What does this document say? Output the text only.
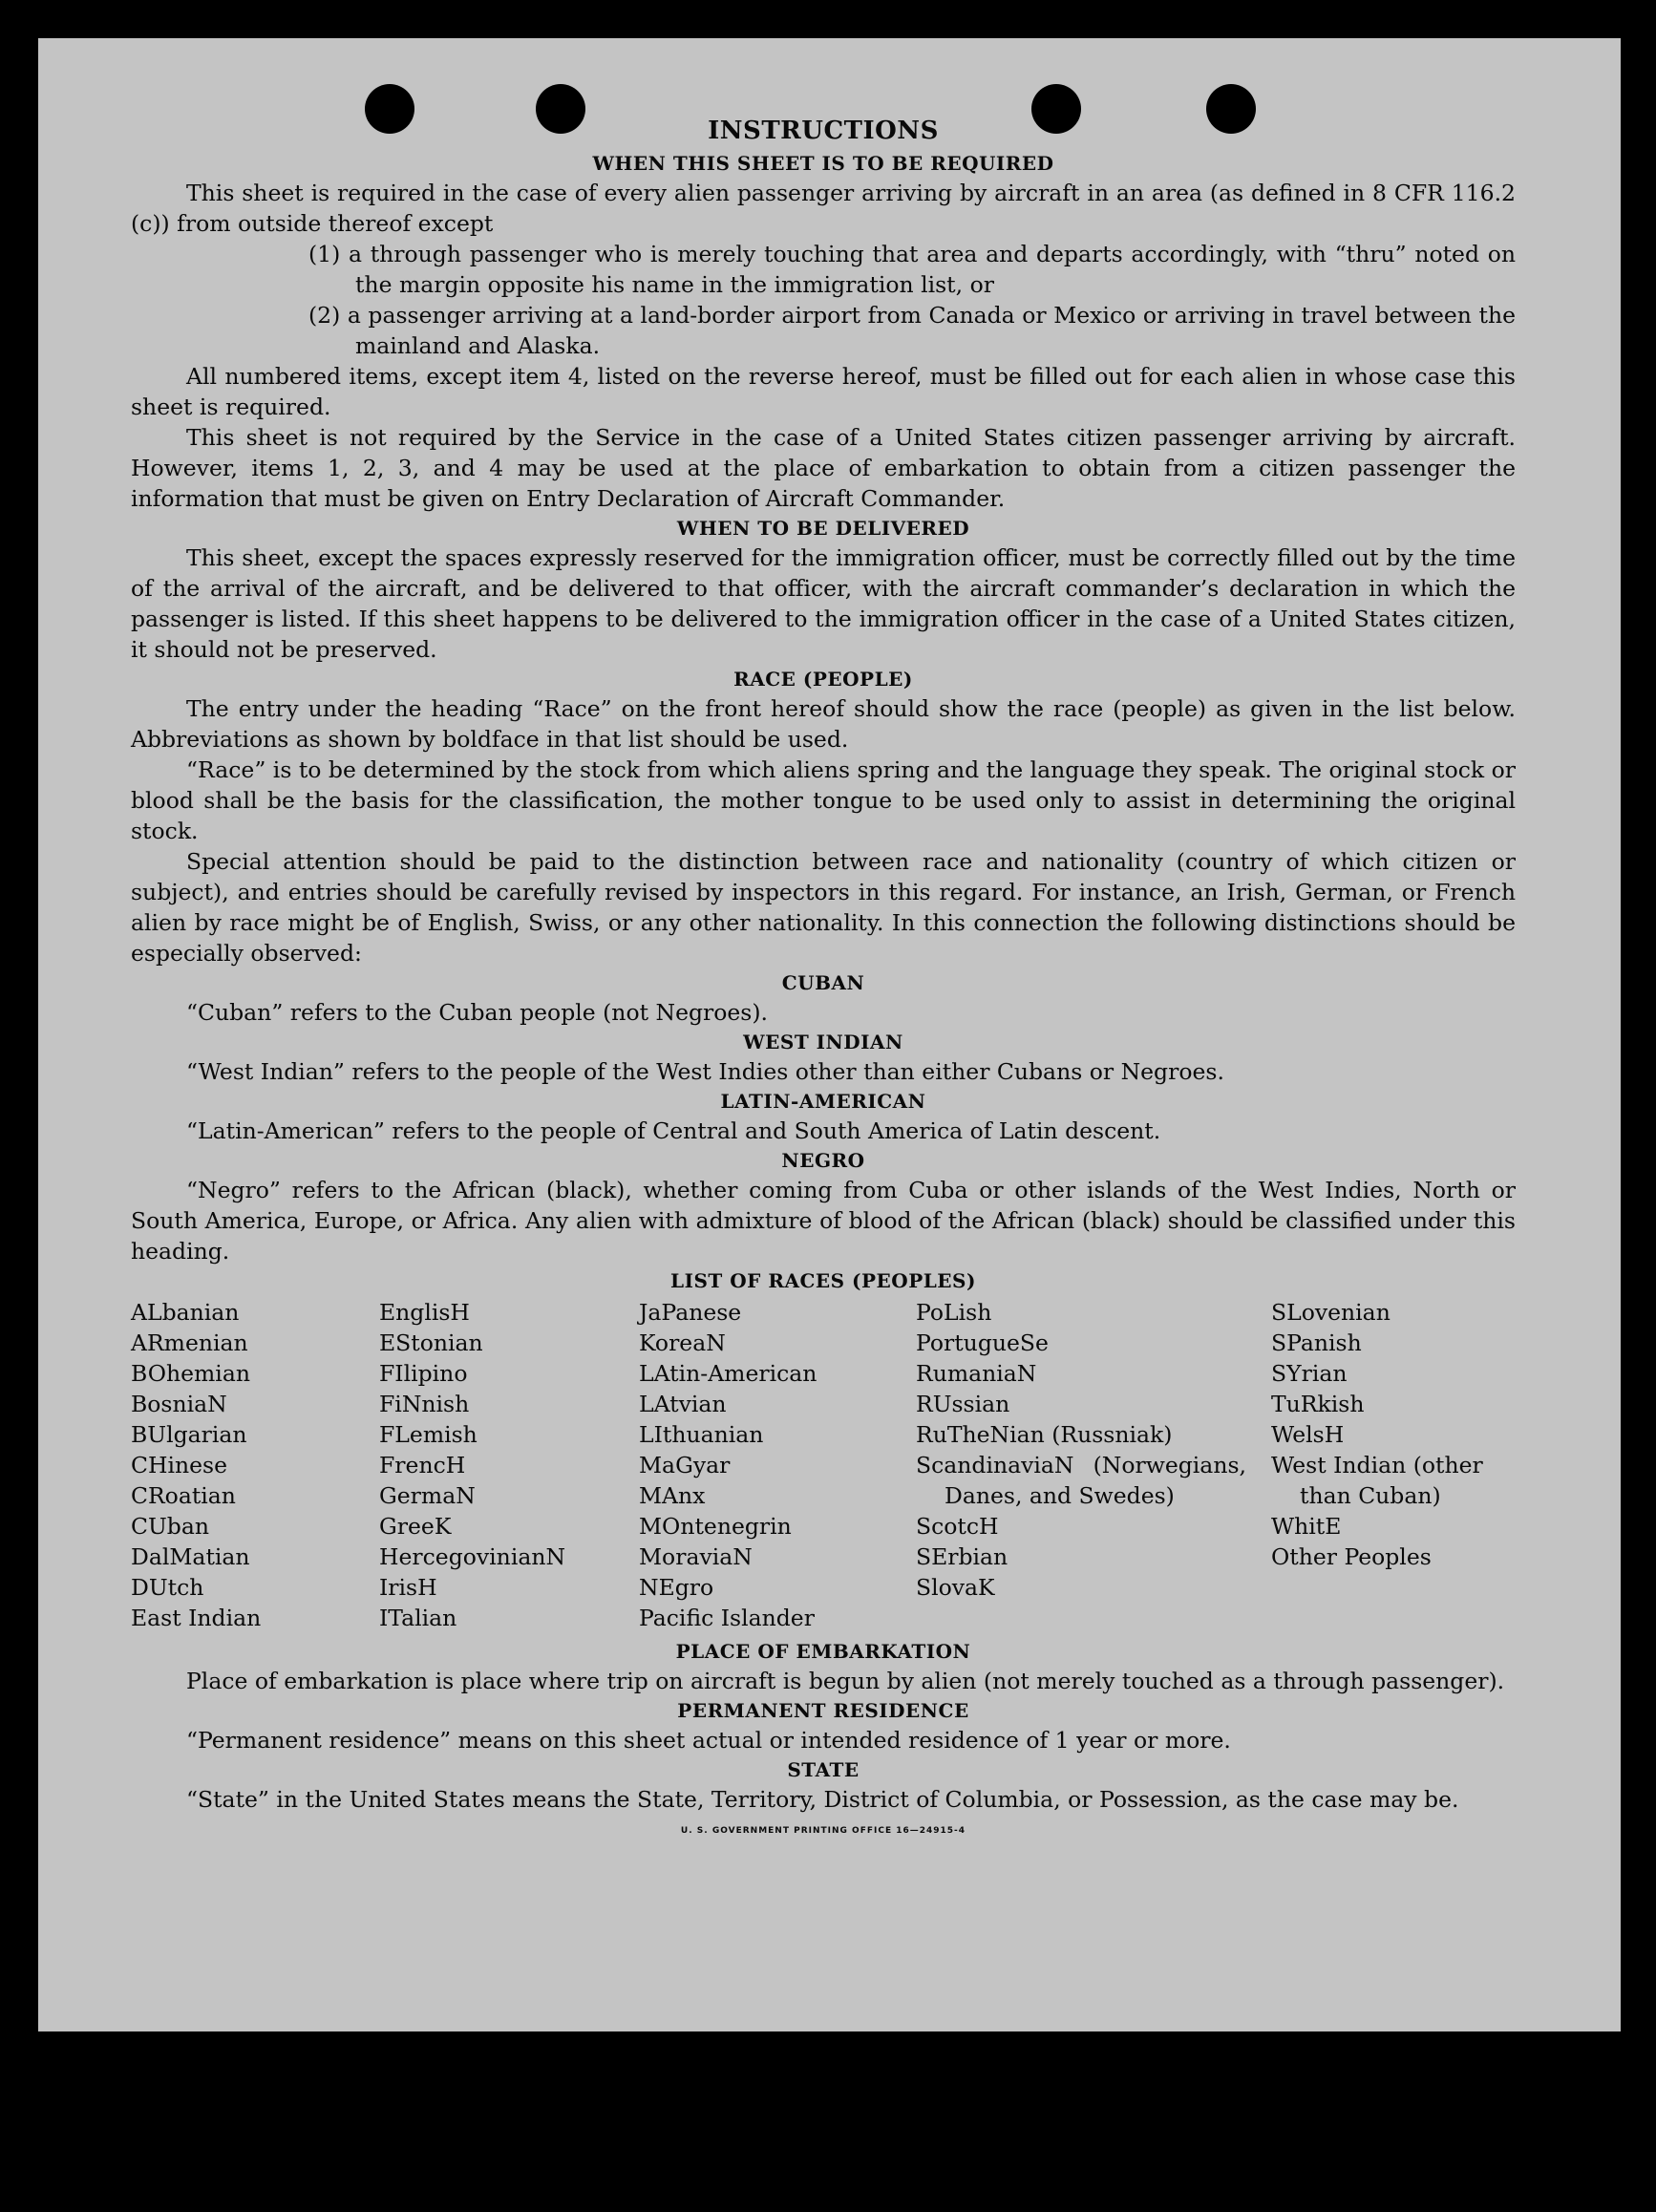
INSTRUCTIONS
WHEN THIS SHEET IS TO BE REQUIRED

This sheet is required in the case of every alien passenger arriving by aircraft in an area (as defined in 8 CFR 116.2 (c)) from outside thereof except

(1) a through passenger who is merely touching that area and departs accordingly, with “thru” noted on the margin opposite his name in the immigration list, or

(2) a passenger arriving at a land-border airport from Canada or Mexico or arriving in travel between the mainland and Alaska.

All numbered items, except item 4, listed on the reverse hereof, must be filled out for each alien in whose case this sheet is required.

This sheet is not required by the Service in the case of a United States citizen passenger arriving by aircraft. However, items 1, 2, 3, and 4 may be used at the place of embarkation to obtain from a citizen passenger the information that must be given on Entry Declaration of Aircraft Commander.

WHEN TO BE DELIVERED

This sheet, except the spaces expressly reserved for the immigration officer, must be correctly filled out by the time of the arrival of the aircraft, and be delivered to that officer, with the aircraft commander’s declaration in which the passenger is listed. If this sheet happens to be delivered to the immigration officer in the case of a United States citizen, it should not be preserved.

RACE (PEOPLE)

The entry under the heading “Race” on the front hereof should show the race (people) as given in the list below. Abbreviations as shown by boldface in that list should be used.

“Race” is to be determined by the stock from which aliens spring and the language they speak. The original stock or blood shall be the basis for the classification, the mother tongue to be used only to assist in determining the original stock.

Special attention should be paid to the distinction between race and nationality (country of which citizen or subject), and entries should be carefully revised by inspectors in this regard. For instance, an Irish, German, or French alien by race might be of English, Swiss, or any other nationality. In this connection the following distinctions should be especially observed:

CUBAN

“Cuban” refers to the Cuban people (not Negroes).

WEST INDIAN

“West Indian” refers to the people of the West Indies other than either Cubans or Negroes.

LATIN-AMERICAN

“Latin-American” refers to the people of Central and South America of Latin descent.

NEGRO

“Negro” refers to the African (black), whether coming from Cuba or other islands of the West Indies, North or South America, Europe, or Africa. Any alien with admixture of blood of the African (black) should be classified under this heading.

LIST OF RACES (PEOPLES)
ALbanian
ARmenian
BOhemian
BosniaN
BUlgarian
CHinese
CRoatian
CUban
DalMatian
DUtch
East Indian
EnglisH
EStonian
FIlipino
FiNnish
FLemish
FrencH
GermaN
GreeK
HercegovinianN
IrisH
ITalian
JaPanese
KoreaN
LAtin-American
LAtvian
LIthuanian
MaGyar
MAnx
MOntenegrin
MoraviaN
NEgro
Pacific Islander
PoLish
PortugueSe
RumaniaN
RUssian
RuTheNian (Russniak)
ScandinaviaN (Norwegians, Danes, and Swedes)
ScotcH
SErbian
SlovaK
SLovenian
SPanish
SYrian
TuRkish
WelsH
West Indian (other than Cuban)
WhitE
Other Peoples
PLACE OF EMBARKATION

Place of embarkation is place where trip on aircraft is begun by alien (not merely touched as a through passenger).

PERMANENT RESIDENCE

“Permanent residence” means on this sheet actual or intended residence of 1 year or more.

STATE

“State” in the United States means the State, Territory, District of Columbia, or Possession, as the case may be.

U. S. GOVERNMENT PRINTING OFFICE 16—24915-4
